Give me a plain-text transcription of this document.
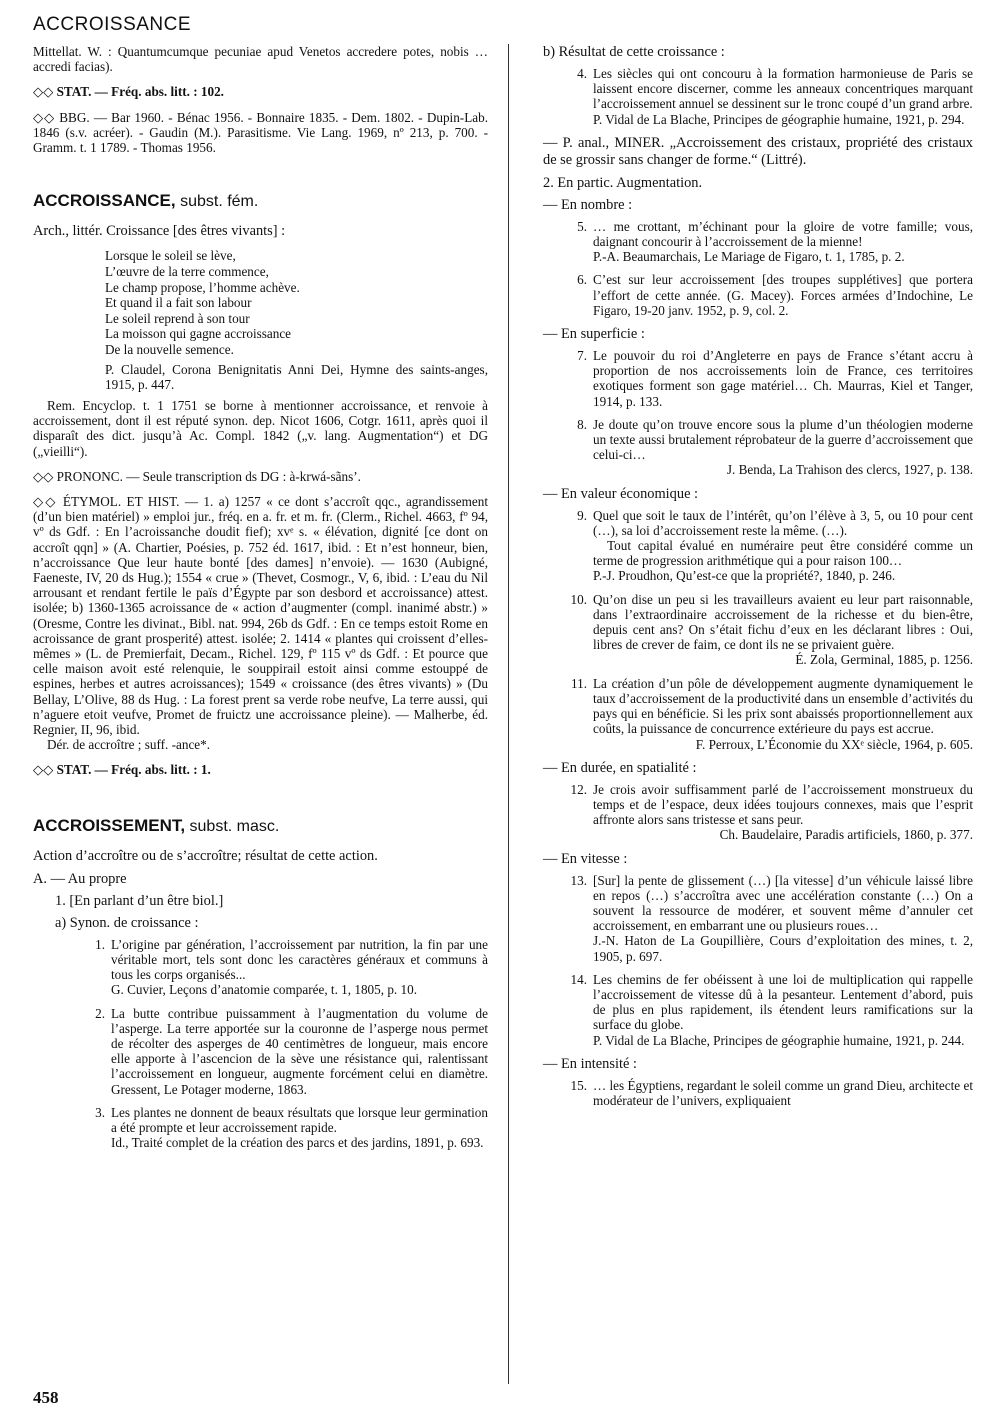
ACCROISSANCE

Mittellat. W. : Quantumcumque pecuniae apud Venetos accredere potes, nobis … accredi facias).

◇◇ STAT. — Fréq. abs. litt. : 102.

◇◇ BBG. — Bar 1960. - Bénac 1956. - Bonnaire 1835. - Dem. 1802. - Dupin-Lab. 1846 (s.v. acréer). - Gaudin (M.). Parasitisme. Vie Lang. 1969, nº 213, p. 700. - Gramm. t. 1 1789. - Thomas 1956.

ACCROISSANCE, subst. fém.

Arch., littér. Croissance [des êtres vivants] :

Lorsque le soleil se lève,
L’œuvre de la terre commence,
Le champ propose, l’homme achève.
Et quand il a fait son labour
Le soleil reprend à son tour
La moisson qui gagne accroissance
De la nouvelle semence.

P. Claudel, Corona Benignitatis Anni Dei, Hymne des saints-anges, 1915, p. 447.

Rem. Encyclop. t. 1 1751 se borne à mentionner accroissance, et renvoie à accroissement, dont il est réputé synon. dep. Nicot 1606, Cotgr. 1611, après quoi il disparaît des dict. jusqu’à Ac. Compl. 1842 („v. lang. Augmentation“) et DG („vieilli“).

◇◇ PRONONC. — Seule transcription ds DG : à-krwá-sãns’.

◇◇ ÉTYMOL. ET HIST. — 1. a) 1257 « ce dont s’accroît qqc., agrandissement (d’un bien matériel) » emploi jur., fréq. en a. fr. et m. fr. (Clerm., Richel. 4663, fº 94, vº ds Gdf. : En l’acroissanche doudit fief); xvᵉ s. « élévation, dignité [ce dont on accroît qqn] » (A. Chartier, Poésies, p. 752 éd. 1617, ibid. : Et n’est honneur, bien, n’accroissance Que leur haute bonté [des dames] n’envoie). — 1630 (Aubigné, Faeneste, IV, 20 ds Hug.); 1554 « crue » (Thevet, Cosmogr., V, 6, ibid. : L’eau du Nil arrousant et rendant fertile le païs d’Égypte par son desbord et accroissance) attest. isolée; b) 1360-1365 acroissance de « action d’augmenter (compl. inanimé abstr.) » (Oresme, Contre les divinat., Bibl. nat. 994, 26b ds Gdf. : En ce temps estoit Rome en acroissance de grant prosperité) attest. isolée; 2. 1414 « plantes qui croissent d’elles-mêmes » (L. de Premierfait, Decam., Richel. 129, fº 115 vº ds Gdf. : Et pource que celle maison avoit esté relenquie, le souppirail estoit ainsi comme estouppé de espines, herbes et autres acroissances); 1549 « croissance (des êtres vivants) » (Du Bellay, L’Olive, 88 ds Hug. : La forest prent sa verde robe neufve, La terre aussi, qui n’aguere etoit veufve, Promet de fruictz une accroissance pleine). — Malherbe, éd. Regnier, II, 96, ibid.

Dér. de accroître ; suff. -ance*.

◇◇ STAT. — Fréq. abs. litt. : 1.

ACCROISSEMENT, subst. masc.

Action d’accroître ou de s’accroître; résultat de cette action.

A. — Au propre

1. [En parlant d’un être biol.]

a) Synon. de croissance :

1. L’origine par génération, l’accroissement par nutrition, la fin par une véritable mort, tels sont donc les caractères généraux et communs à tous les corps organisés...

G. Cuvier, Leçons d’anatomie comparée, t. 1, 1805, p. 10.

2. La butte contribue puissamment à l’augmentation du volume de l’asperge. La terre apportée sur la couronne de l’asperge nous permet de récolter des asperges de 40 centimètres de longueur, mais encore elle apporte à l’ascencion de la sève une résistance qui, ralentissant l’accroissement en longueur, augmente forcément celui en diamètre. Gressent, Le Potager moderne, 1863.

3. Les plantes ne donnent de beaux résultats que lorsque leur germination a été prompte et leur accroissement rapide.

Id., Traité complet de la création des parcs et des jardins, 1891, p. 693.

b) Résultat de cette croissance :

4. Les siècles qui ont concouru à la formation harmonieuse de Paris se laissent encore discerner, comme les anneaux concentriques marquant l’accroissement annuel se dessinent sur le tronc coupé d’un grand arbre.

P. Vidal de La Blache, Principes de géographie humaine, 1921, p. 294.

— P. anal., MINER. „Accroissement des cristaux, propriété des cristaux de se grossir sans changer de forme.“ (Littré).

2. En partic. Augmentation.

— En nombre :

5. … me crottant, m’échinant pour la gloire de votre famille; vous, daignant concourir à l’accroissement de la mienne!

P.-A. Beaumarchais, Le Mariage de Figaro, t. 1, 1785, p. 2.

6. C’est sur leur accroissement [des troupes supplétives] que portera l’effort de cette année. (G. Macey). Forces armées d’Indochine, Le Figaro, 19-20 janv. 1952, p. 9, col. 2.

— En superficie :

7. Le pouvoir du roi d’Angleterre en pays de France s’étant accru à proportion de nos accroissements loin de France, ces territoires exotiques forment son gage matériel… Ch. Maurras, Kiel et Tanger, 1914, p. 133.

8. Je doute qu’on trouve encore sous la plume d’un théologien moderne un texte aussi brutalement réprobateur de la guerre d’accroissement que celui-ci…

J. Benda, La Trahison des clercs, 1927, p. 138.

— En valeur économique :

9. Quel que soit le taux de l’intérêt, qu’on l’élève à 3, 5, ou 10 pour cent (…), sa loi d’accroissement reste la même. (…).

Tout capital évalué en numéraire peut être considéré comme un terme de progression arithmétique qui a pour raison 100…

P.-J. Proudhon, Qu’est-ce que la propriété?, 1840, p. 246.

10. Qu’on dise un peu si les travailleurs avaient eu leur part raisonnable, dans l’extraordinaire accroissement de la richesse et du bien-être, depuis cent ans? On s’était fichu d’eux en les déclarant libres : Oui, libres de crever de faim, ce dont ils ne se privaient guère.

É. Zola, Germinal, 1885, p. 1256.

11. La création d’un pôle de développement augmente dynamiquement le taux d’accroissement de la productivité dans un ensemble d’activités du pays qui en bénéficie. Si les prix sont abaissés proportionnellement aux coûts, la puissance de concurrence extérieure du pays est accrue.

F. Perroux, L’Économie du XXᵉ siècle, 1964, p. 605.

— En durée, en spatialité :

12. Je crois avoir suffisamment parlé de l’accroissement monstrueux du temps et de l’espace, deux idées toujours connexes, mais que l’esprit affronte alors sans tristesse et sans peur.

Ch. Baudelaire, Paradis artificiels, 1860, p. 377.

— En vitesse :

13. [Sur] la pente de glissement (…) [la vitesse] d’un véhicule laissé libre en repos (…) s’accroîtra avec une accélération constante (…) On a souvent la ressource de modérer, et souvent même d’annuler cet accroissement, en embarrant une ou plusieurs roues…

J.-N. Haton de La Goupillière, Cours d’exploitation des mines, t. 2, 1905, p. 697.

14. Les chemins de fer obéissent à une loi de multiplication qui rappelle l’accroissement de vitesse dû à la pesanteur. Lentement d’abord, puis de plus en plus rapidement, ils étendent leurs ramifications sur la surface du globe.

P. Vidal de La Blache, Principes de géographie humaine, 1921, p. 244.

— En intensité :

15. … les Égyptiens, regardant le soleil comme un grand Dieu, architecte et modérateur de l’univers, expliquaient

458
